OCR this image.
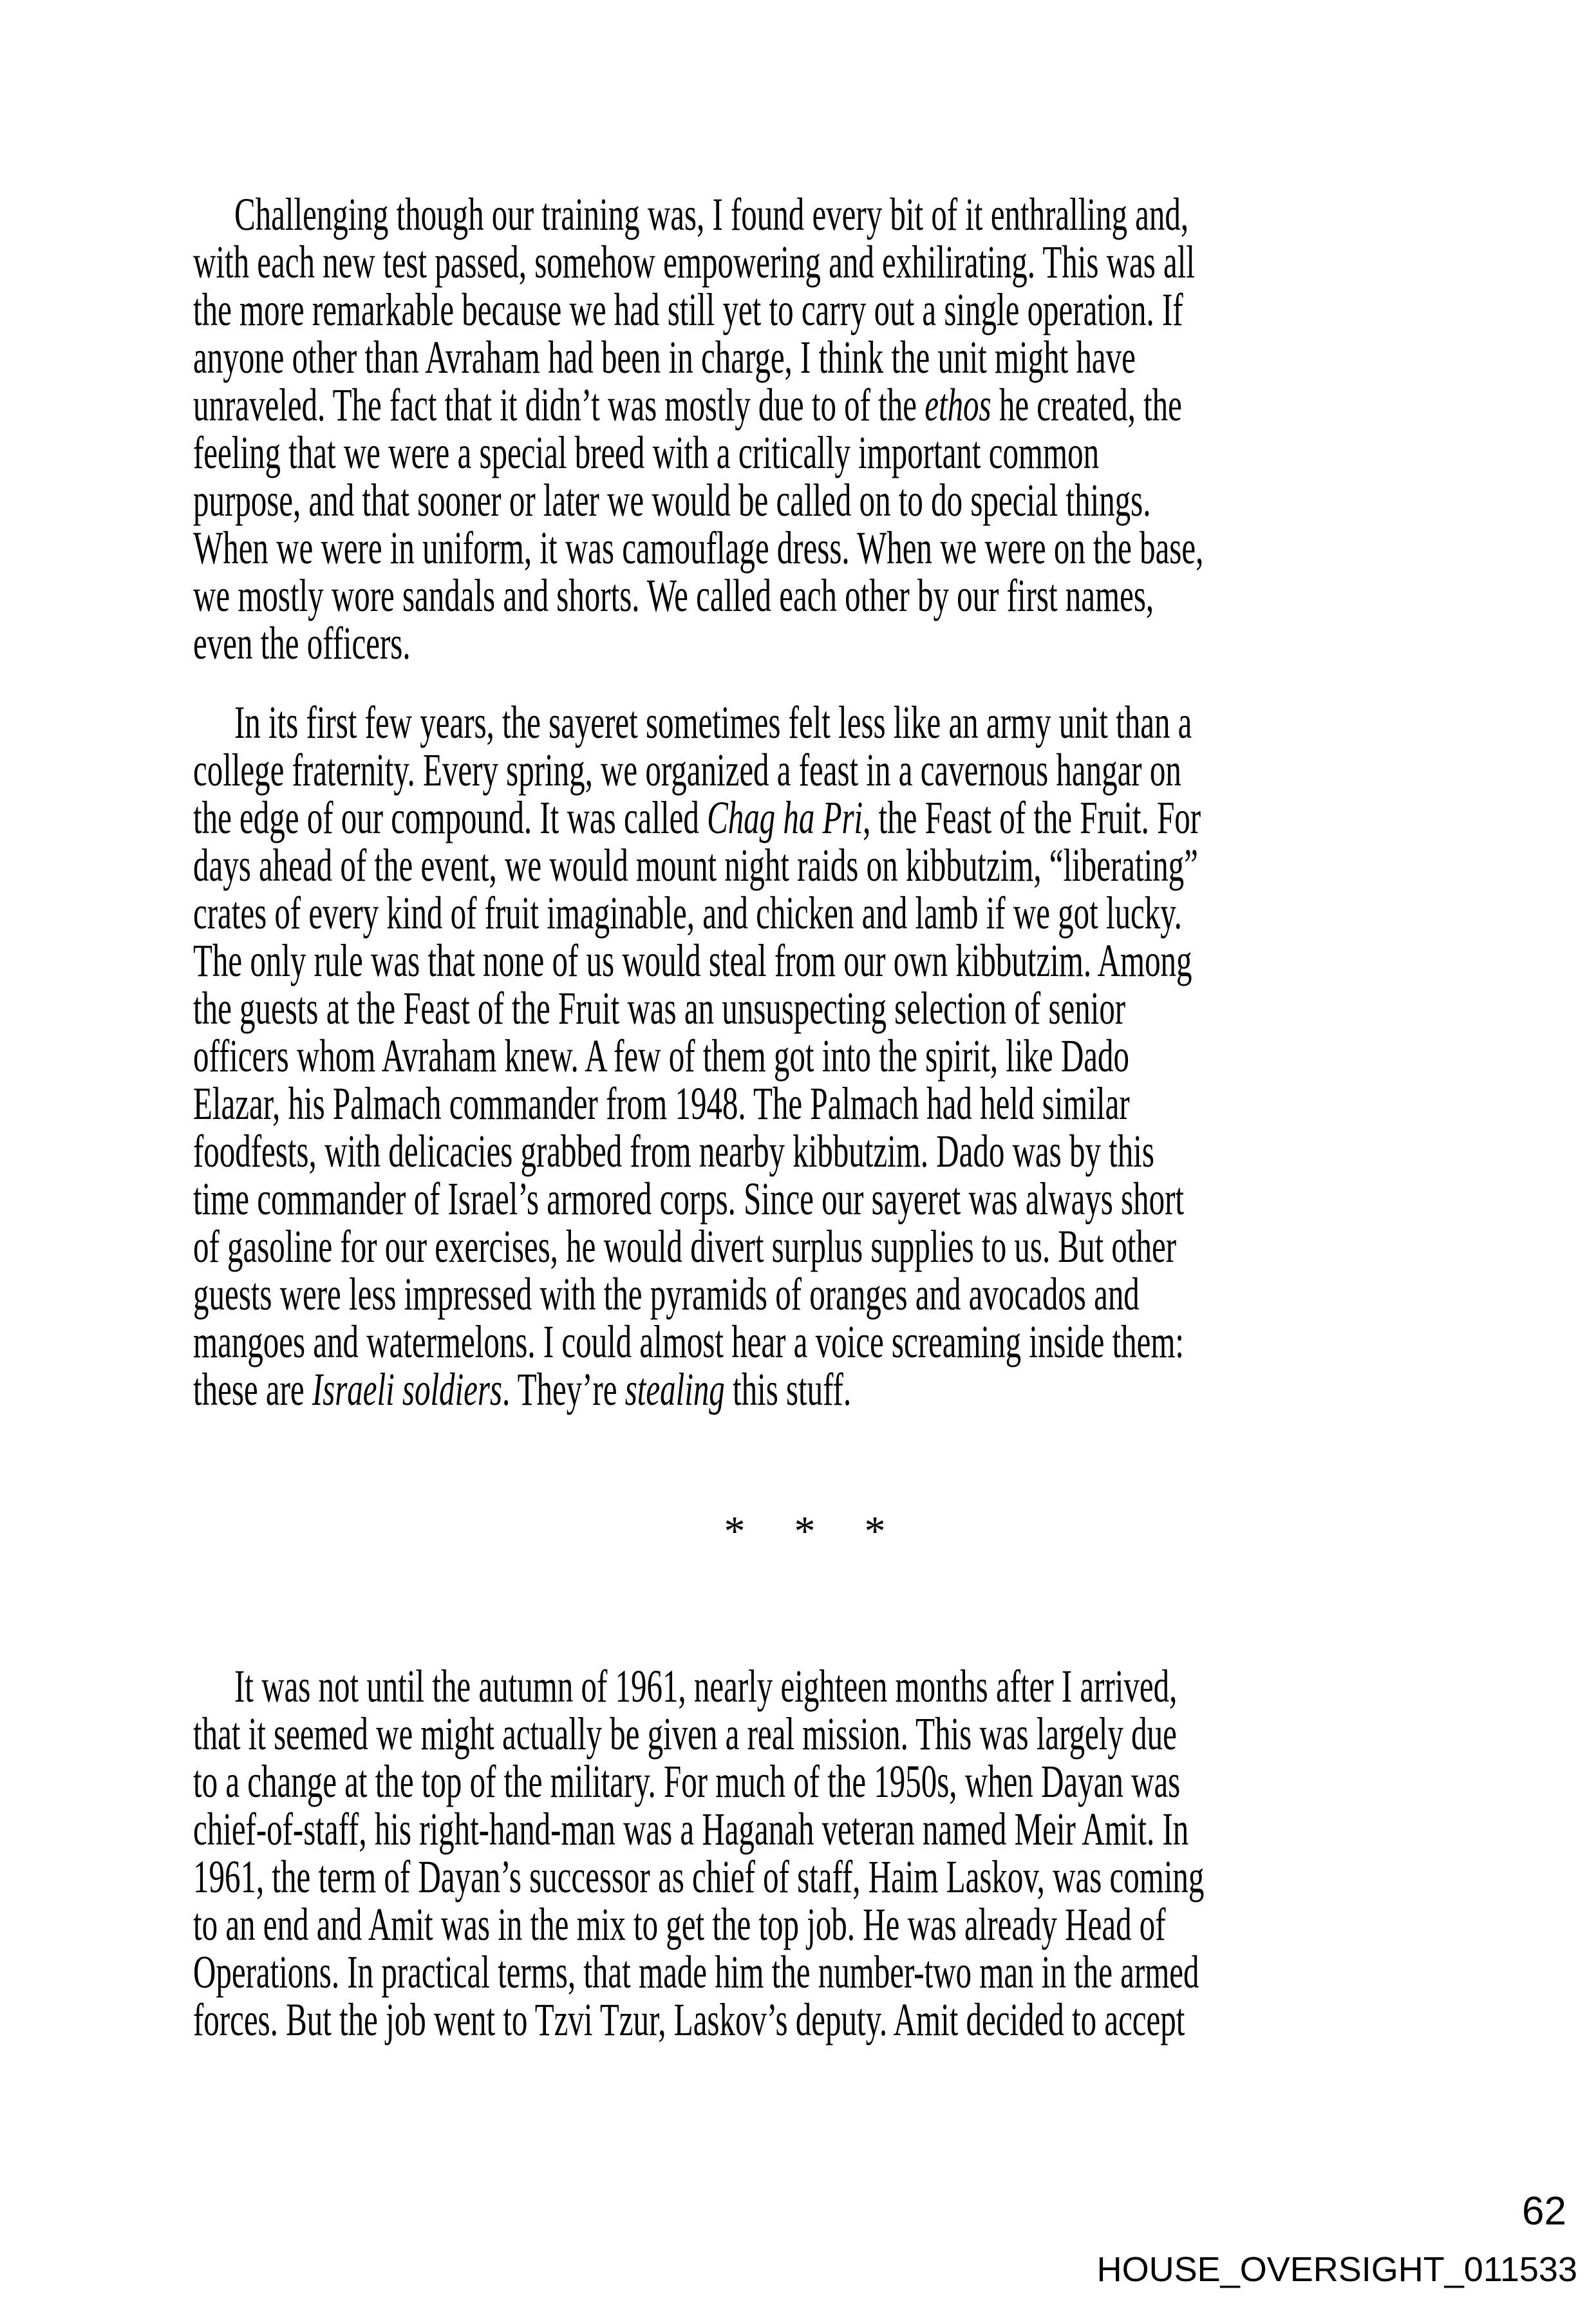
Challenging though our training was, I found every bit of it enthralling and,
with each new test passed, somehow empowering and exhilirating. This was all
the more remarkable because we had still yet to carry out a single operation. If
anyone other than Avraham had been in charge, I think the unit might have
unraveled. The fact that it didn’t was mostly due to of the ethos he created, the
feeling that we were a special breed with a critically important common
purpose, and that sooner or later we would be called on to do special things.
When we were in uniform, it was camouflage dress. When we were on the base,
we mostly wore sandals and shorts. We called each other by our first names,
even the officers.
In its first few years, the sayeret sometimes felt less like an army unit than a
college fraternity. Every spring, we organized a feast in a cavernous hangar on
the edge of our compound. It was called Chag ha Pri, the Feast of the Fruit. For
days ahead of the event, we would mount night raids on kibbutzim, “liberating”
crates of every kind of fruit imaginable, and chicken and lamb if we got lucky.
The only rule was that none of us would steal from our own kibbutzim. Among
the guests at the Feast of the Fruit was an unsuspecting selection of senior
officers whom Avraham knew. A few of them got into the spirit, like Dado
Elazar, his Palmach commander from 1948. The Palmach had held similar
foodfests, with delicacies grabbed from nearby kibbutzim. Dado was by this
time commander of Israel’s armored corps. Since our sayeret was always short
of gasoline for our exercises, he would divert surplus supplies to us. But other
guests were less impressed with the pyramids of oranges and avocados and
mangoes and watermelons. I could almost hear a voice screaming inside them:
these are Israeli soldiers. They’re stealing this stuff.
* * *
It was not until the autumn of 1961, nearly eighteen months after I arrived,
that it seemed we might actually be given a real mission. This was largely due
to a change at the top of the military. For much of the 1950s, when Dayan was
chief-of-staff, his right-hand-man was a Haganah veteran named Meir Amit. In
1961, the term of Dayan’s successor as chief of staff, Haim Laskov, was coming
to an end and Amit was in the mix to get the top job. He was already Head of
Operations. In practical terms, that made him the number-two man in the armed
forces. But the job went to Tzvi Tzur, Laskov’s deputy. Amit decided to accept
62
HOUSE_OVERSIGHT_011533
